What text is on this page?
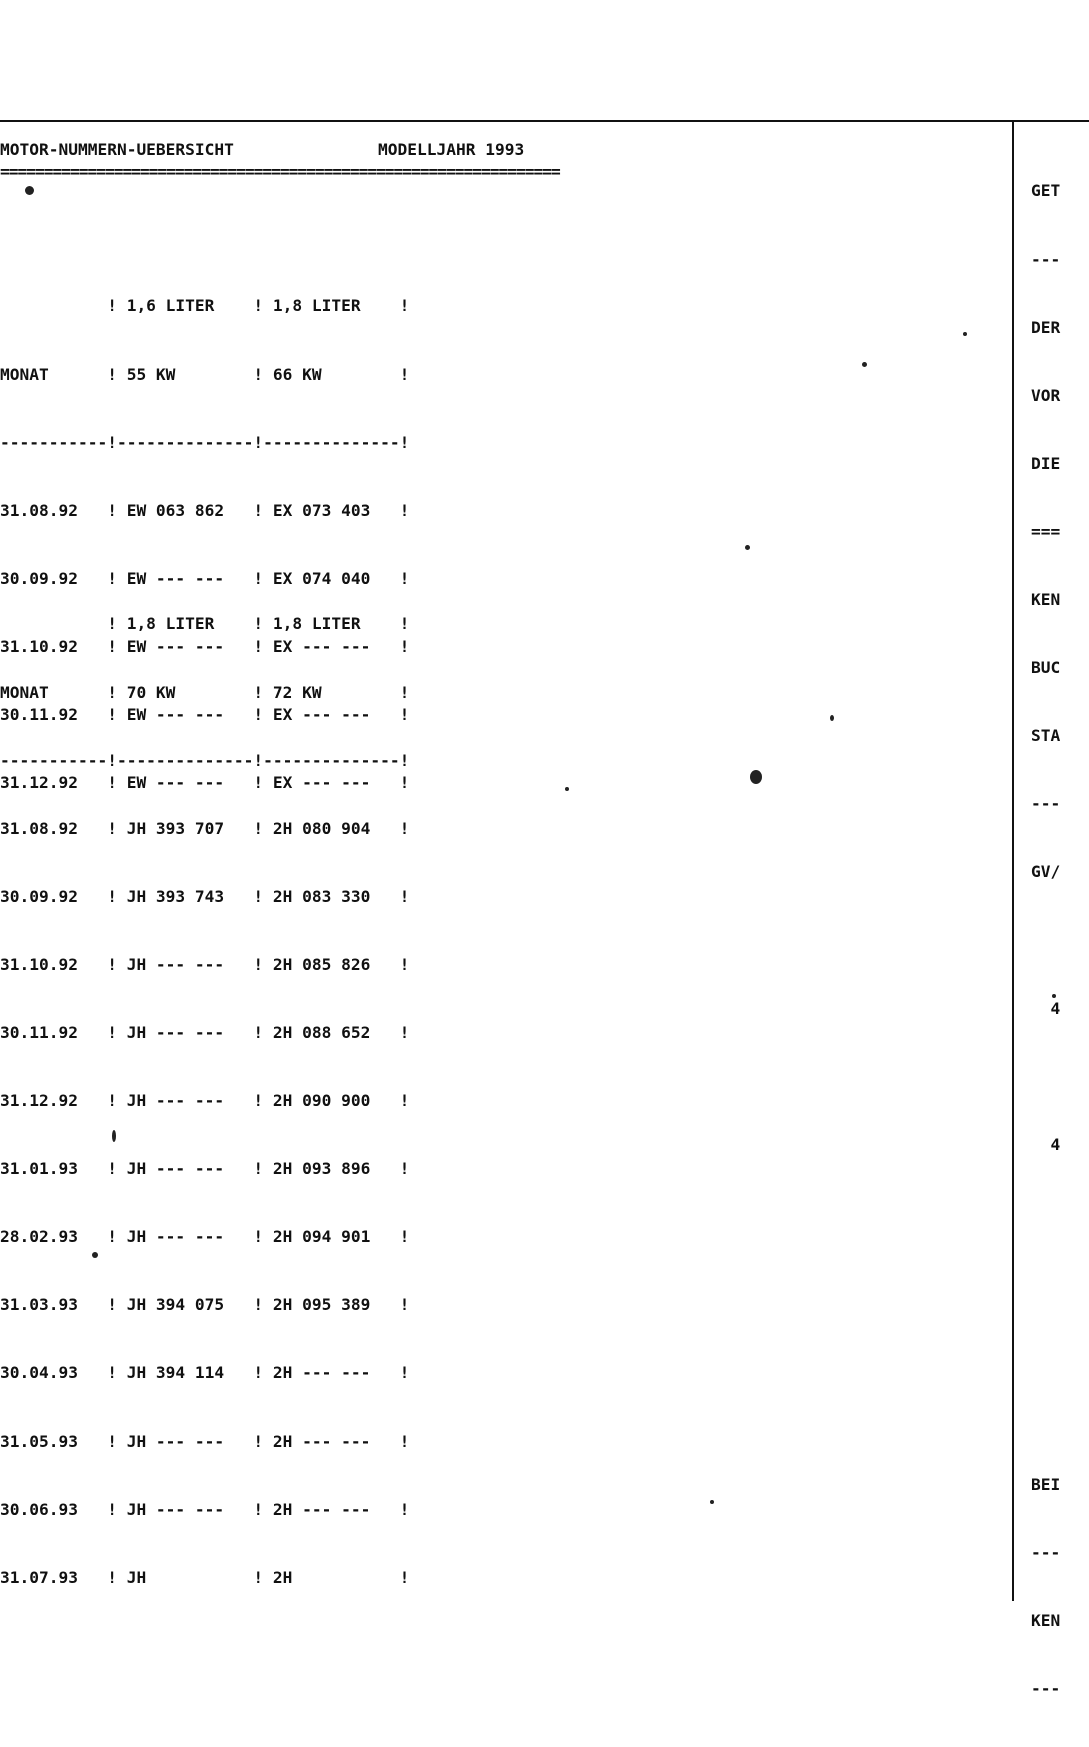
MOTOR-NUMMERN-UEBERSICHT	MODELLJAHR 1993
================================================================

! 1,6 LITER    ! 1,8 LITER    !

MONAT      ! 55 KW        ! 66 KW        !

-----------!--------------!--------------!

31.08.92   ! EW 063 862   ! EX 073 403   !

30.09.92   ! EW --- ---   ! EX 074 040   !

31.10.92   ! EW --- ---   ! EX --- ---   !

30.11.92   ! EW --- ---   ! EX --- ---   !

31.12.92   ! EW --- ---   ! EX --- ---   !

! 1,8 LITER    ! 1,8 LITER    !

MONAT      ! 70 KW        ! 72 KW        !

-----------!--------------!--------------!

31.08.92   ! JH 393 707   ! 2H 080 904   !

30.09.92   ! JH 393 743   ! 2H 083 330   !

31.10.92   ! JH --- ---   ! 2H 085 826   !

30.11.92   ! JH --- ---   ! 2H 088 652   !

31.12.92   ! JH --- ---   ! 2H 090 900   !

31.01.93   ! JH --- ---   ! 2H 093 896   !

28.02.93   ! JH --- ---   ! 2H 094 901   !

31.03.93   ! JH 394 075   ! 2H 095 389   !

30.04.93   ! JH 394 114   ! 2H --- ---   !

31.05.93   ! JH --- ---   ! 2H --- ---   !

30.06.93   ! JH --- ---   ! 2H --- ---   !

31.07.93   ! JH           ! 2H           !

GET

---

DER

VOR

DIE

===

KEN

BUC

STA

---

GV/

4

4

BEI

---

KEN

---
